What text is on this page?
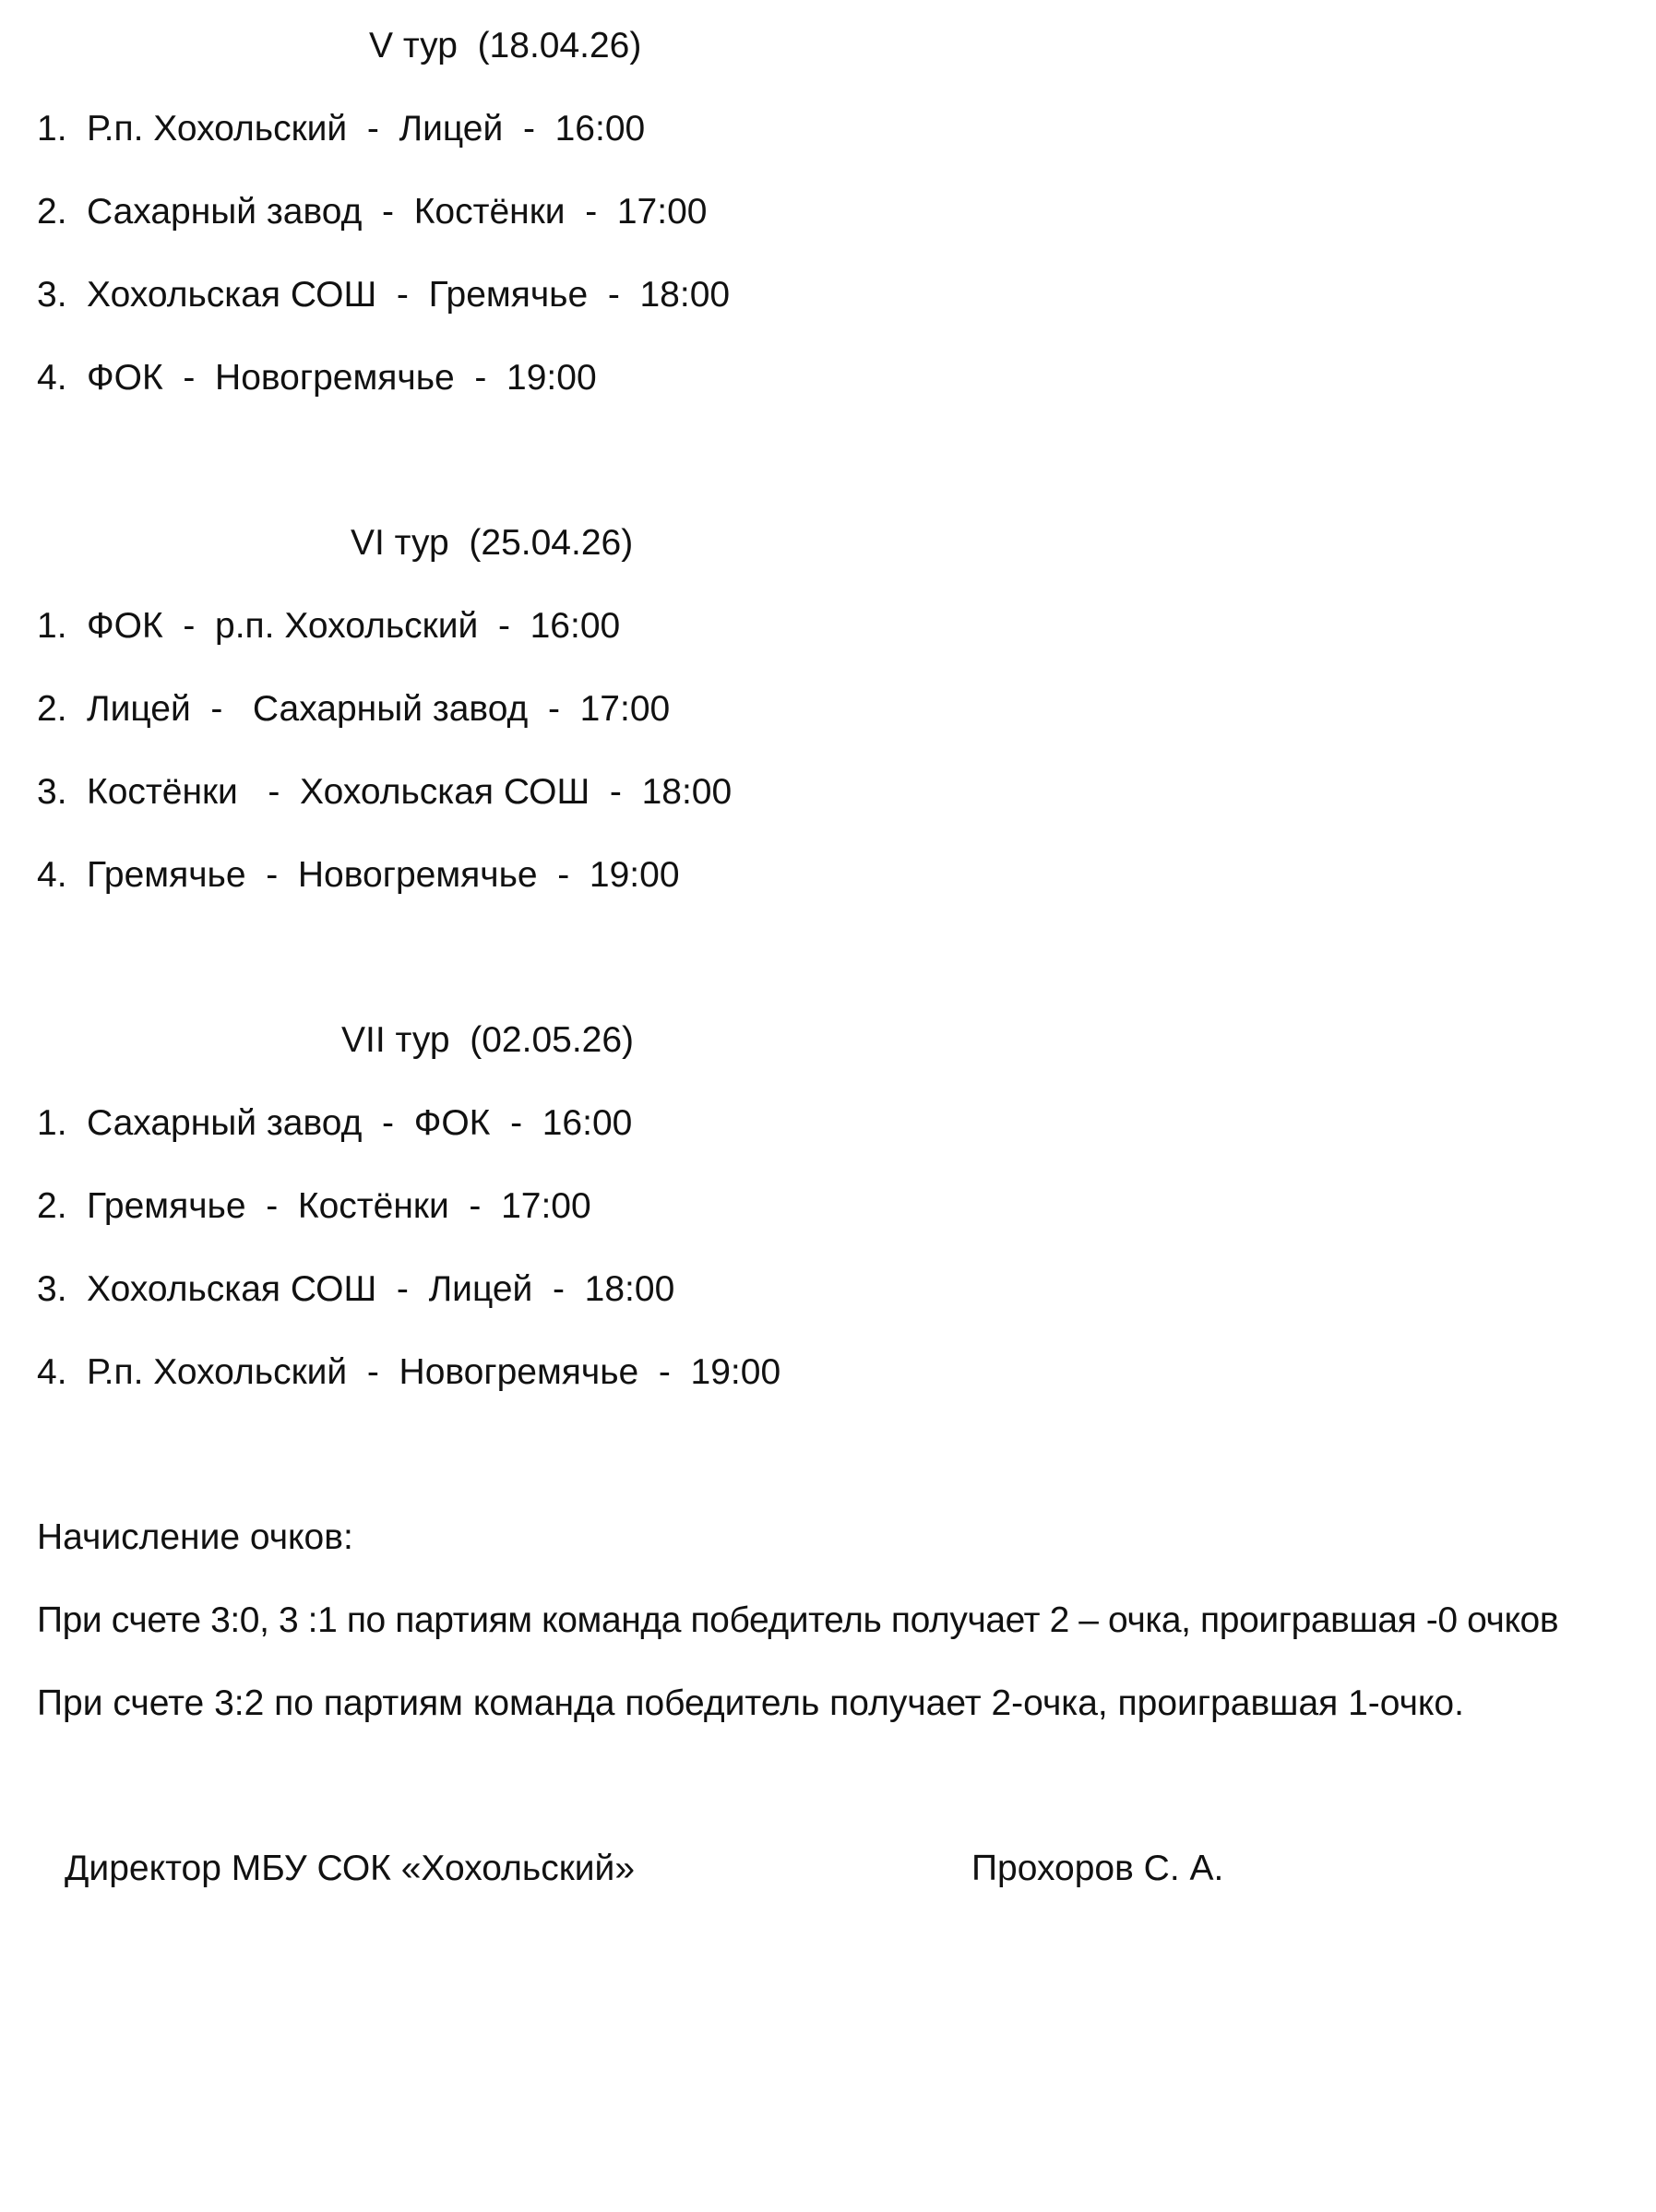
V тур  (18.04.26)
1. Р.п. Хохольский  -  Лицей  -  16:00
2. Сахарный завод  -  Костёнки  -  17:00
3. Хохольская СОШ  -  Гремячье  -  18:00
4. ФОК  -  Новогремячье  -  19:00
VI тур  (25.04.26)
1. ФОК  -  р.п. Хохольский  -  16:00
2. Лицей  -   Сахарный завод  -  17:00
3. Костёнки   -  Хохольская СОШ  -  18:00
4. Гремячье  -  Новогремячье  -  19:00
VII тур  (02.05.26)
1. Сахарный завод  -  ФОК  -  16:00
2. Гремячье  -  Костёнки  -  17:00
3. Хохольская СОШ  -  Лицей  -  18:00
4. Р.п. Хохольский  -  Новогремячье  -  19:00
Начисление очков:
При счете 3:0, 3 :1 по партиям команда победитель получает 2 – очка, проигравшая -0 очков
При счете 3:2 по партиям команда победитель получает 2-очка, проигравшая 1-очко.
Директор МБУ СОК «Хохольский»	Прохоров С. А.
